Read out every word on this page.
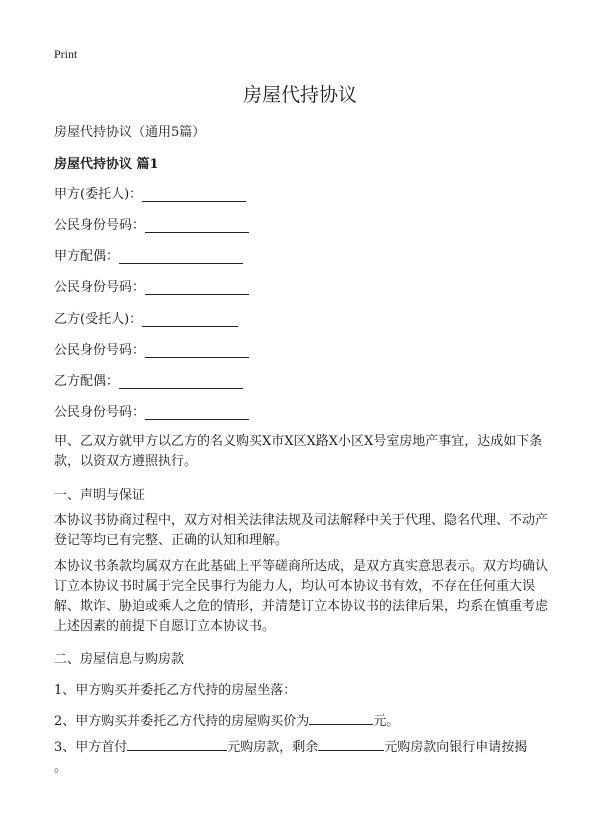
Print
房屋代持协议
房屋代持协议（通用5篇）
房屋代持协议 篇1
甲方(委托人)：
公民身份号码：
甲方配偶：
公民身份号码：
乙方(受托人)：
公民身份号码：
乙方配偶：
公民身份号码：
甲、乙双方就甲方以乙方的名义购买X市X区X路X小区X号室房地产事宜，达成如下条款，以资双方遵照执行。
一、声明与保证
本协议书协商过程中，双方对相关法律法规及司法解释中关于代理、隐名代理、不动产登记等均已有完整、正确的认知和理解。
本协议书条款均属双方在此基础上平等磋商所达成，是双方真实意思表示。双方均确认订立本协议书时属于完全民事行为能力人，均认可本协议书有效，不存在任何重大误解、欺诈、胁迫或乘人之危的情形，并清楚订立本协议书的法律后果，均系在慎重考虑上述因素的前提下自愿订立本协议书。
二、房屋信息与购房款
1、甲方购买并委托乙方代持的房屋坐落：
2、甲方购买并委托乙方代持的房屋购买价为	元。
3、甲方首付	元购房款，剩余	元购房款向银行申请按揭
。
